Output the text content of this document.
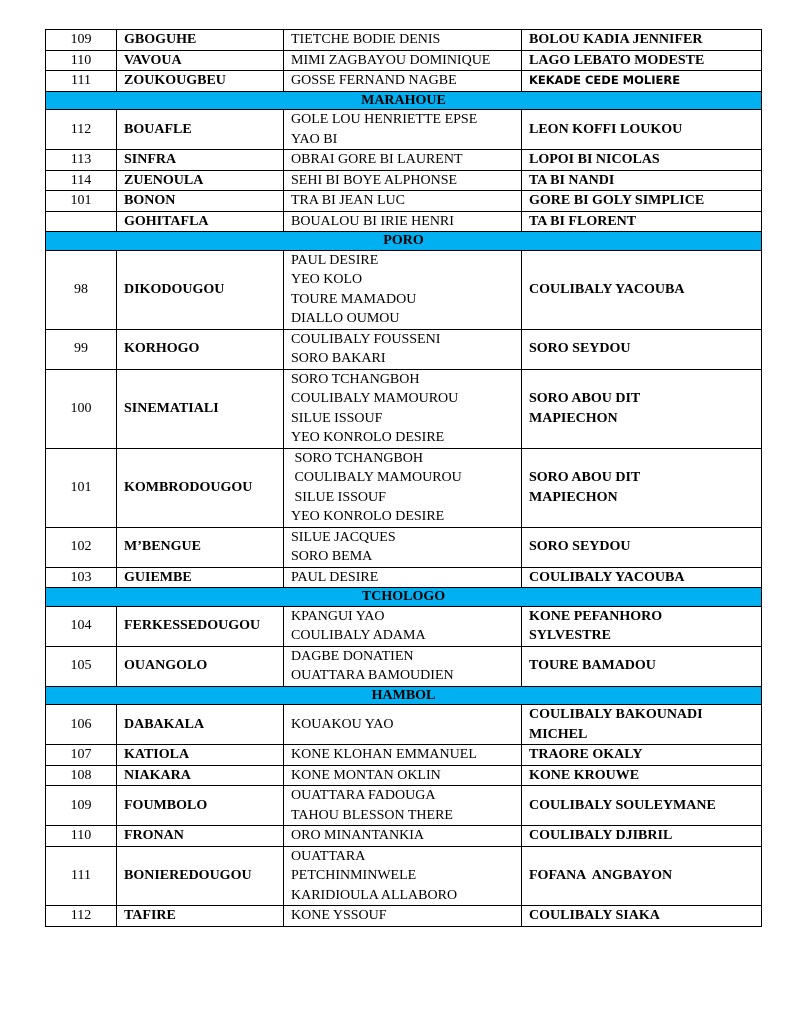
109	GBOGUHE	TIETCHE BODIE DENIS	BOLOU KADIA JENNIFER

110	VAVOUA	MIMI ZAGBAYOU DOMINIQUE	LAGO LEBATO MODESTE

111	ZOUKOUGBEU	GOSSE FERNAND NAGBE	KEKADE CEDE MOLIERE

MARAHOUE			
112	BOUAFLE	GOLE LOU HENRIETTE EPSE
YAO BI	LEON KOFFI LOUKOU

113	SINFRA	OBRAI GORE BI LAURENT	LOPOI BI NICOLAS

114	ZUENOULA	SEHI BI BOYE ALPHONSE	TA BI NANDI

101	BONON	TRA BI JEAN LUC	GORE BI GOLY SIMPLICE

	GOHITAFLA	BOUALOU BI IRIE HENRI	TA BI FLORENT

PORO			
98	DIKODOUGOU	PAUL DESIRE
YEO KOLO
TOURE MAMADOU
DIALLO OUMOU	COULIBALY YACOUBA

99	KORHOGO	COULIBALY FOUSSENI
SORO BAKARI	SORO SEYDOU

100	SINEMATIALI	SORO TCHANGBOH
COULIBALY MAMOUROU
SILUE ISSOUF
YEO KONROLO DESIRE	SORO ABOU DIT
MAPIECHON

101	KOMBRODOUGOU	SORO TCHANGBOH
COULIBALY MAMOUROU
SILUE ISSOUF
YEO KONROLO DESIRE	SORO ABOU DIT
MAPIECHON

102	M’BENGUE	SILUE JACQUES
SORO BEMA	SORO SEYDOU

103	GUIEMBE	PAUL DESIRE	COULIBALY YACOUBA

TCHOLOGO			
104	FERKESSEDOUGOU	KPANGUI YAO
COULIBALY ADAMA	KONE PEFANHORO
SYLVESTRE

105	OUANGOLO	DAGBE DONATIEN
OUATTARA BAMOUDIEN	TOURE BAMADOU

HAMBOL			
106	DABAKALA	KOUAKOU YAO	COULIBALY BAKOUNADI
MICHEL

107	KATIOLA	KONE KLOHAN EMMANUEL	TRAORE OKALY

108	NIAKARA	KONE MONTAN OKLIN	KONE KROUWE

109	FOUMBOLO	OUATTARA FADOUGA
TAHOU BLESSON THERE	COULIBALY SOULEYMANE

110	FRONAN	ORO MINANTANKIA	COULIBALY DJIBRIL

111	BONIEREDOUGOU	OUATTARA
PETCHINMINWELE
KARIDIOULA ALLABORO	FOFANA  ANGBAYON

112	TAFIRE	KONE YSSOUF	COULIBALY SIAKA
